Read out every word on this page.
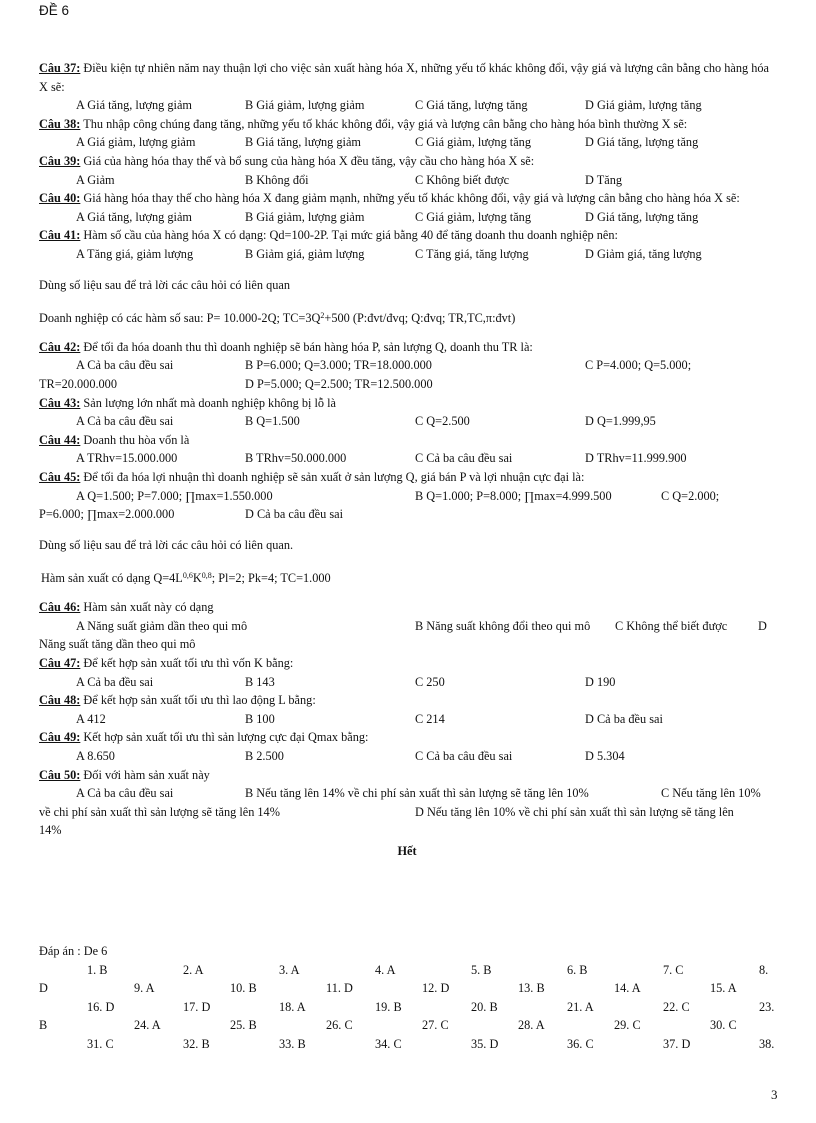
ĐỀ 6
Câu 37: Điều kiện tự nhiên năm nay thuận lợi cho việc sản xuất hàng hóa X, những yếu tố khác không đổi, vậy giá và lượng cân bằng cho hàng hóa X sẽ:
A Giá tăng, lượng giảm	B Giá giảm, lượng giảm	C Giá tăng, lượng tăng	D Giá giảm, lượng tăng
Câu 38: Thu nhập công chúng đang tăng, những yếu tố khác không đổi, vậy giá và lượng cân bằng cho hàng hóa bình thường X sẽ:
A Giá giảm, lượng giảm	B Giá tăng, lượng giảm	C Giá giảm, lượng tăng	D Giá tăng, lượng tăng
Câu 39: Giá của hàng hóa thay thế và bổ sung của hàng hóa X đều tăng, vậy cầu cho hàng hóa X sẽ:
A Giảm	B Không đổi	C Không biết được	D Tăng
Câu 40: Giá hàng hóa thay thế cho hàng hóa X đang giảm mạnh, những yếu tố khác không đổi, vậy giá và lượng cân bằng cho hàng hóa X sẽ:
A Giá tăng, lượng giảm	B Giá giảm, lượng giảm	C Giá giảm, lượng tăng	D Giá tăng, lượng tăng
Câu 41: Hàm số cầu của hàng hóa X có dạng: Qd=100-2P. Tại mức giá bằng 40 để tăng doanh thu doanh nghiệp nên:
A Tăng giá, giảm lượng	B Giảm giá, giảm lượng	C Tăng giá, tăng lượng	D Giảm giá, tăng lượng
Dùng số liệu sau để trả lời các câu hỏi có liên quan
Doanh nghiệp có các hàm số sau: P= 10.000-2Q; $TC=3Q^2+500$ (P:đvt/đvq; Q:đvq; TR,TC,π:đvt)
Câu 42: Để tối đa hóa doanh thu thì doanh nghiệp sẽ bán hàng hóa P, sản lượng Q, doanh thu TR là:
A Cả ba câu đều sai	B P=6.000; Q=3.000; TR=18.000.000	C P=4.000; Q=5.000;
TR=20.000.000	D P=5.000; Q=2.500; TR=12.500.000
Câu 43: Sản lượng lớn nhất mà doanh nghiệp không bị lỗ là
A Cả ba câu đều sai	B Q=1.500	C Q=2.500	D Q=1.999,95
Câu 44: Doanh thu hòa vốn là
A TRhv=15.000.000	B TRhv=50.000.000	C Cả ba câu đều sai	D TRhv=11.999.900
Câu 45: Để tối đa hóa lợi nhuận thì doanh nghiệp sẽ sản xuất ở sản lượng Q, giá bán P và lợi nhuận cực đại là:
A Q=1.500; P=7.000; ∏max=1.550.000	B Q=1.000; P=8.000; ∏max=4.999.500	C Q=2.000;
P=6.000; ∏max=2.000.000	D Cả ba câu đều sai
Dùng số liệu sau để trả lời các câu hỏi có liên quan.
Hàm sản xuất có dạng $Q=4L^{0,6}K^{0,8}$; Pl=2; Pk=4; TC=1.000
Câu 46: Hàm sản xuất này có dạng
A Năng suất giảm dần theo qui mô	B Năng suất không đổi theo qui mô C Không thể biết được	D
Năng suất tăng dần theo qui mô
Câu 47: Để kết hợp sản xuất tối ưu thì vốn K bằng:
A Cả ba đều sai	B 143	C 250	D 190
Câu 48: Để kết hợp sản xuất tối ưu thì lao động L bằng:
A 412	B 100	C 214	D Cả ba đều sai
Câu 49: Kết hợp sản xuất tối ưu thì sản lượng cực đại Qmax bằng:
A 8.650	B 2.500	C Cả ba câu đều sai	D 5.304
Câu 50: Đối với hàm sản xuất này
A Cả ba câu đều sai	B Nếu tăng lên 14% về chi phí sản xuất thì sản lượng sẽ tăng lên 10%	C Nếu tăng lên 10%
về chi phí sản xuất thì sản lượng sẽ tăng lên 14%	D Nếu tăng lên 10% về chi phí sản xuất thì sản lượng sẽ tăng lên
14%
Hết
Đáp án : De 6
1. B	2. A	3. A	4. A	5. B	6. B	7. C	8.
D	9. A	10. B	11. D	12. D	13. B	14. A	15. A
16. D	17. D	18. A	19. B	20. B	21. A	22. C	23.
B	24. A	25. B	26. C	27. C	28. A	29. C	30. C
31. C	32. B	33. B	34. C	35. D	36. C	37. D	38.
3
